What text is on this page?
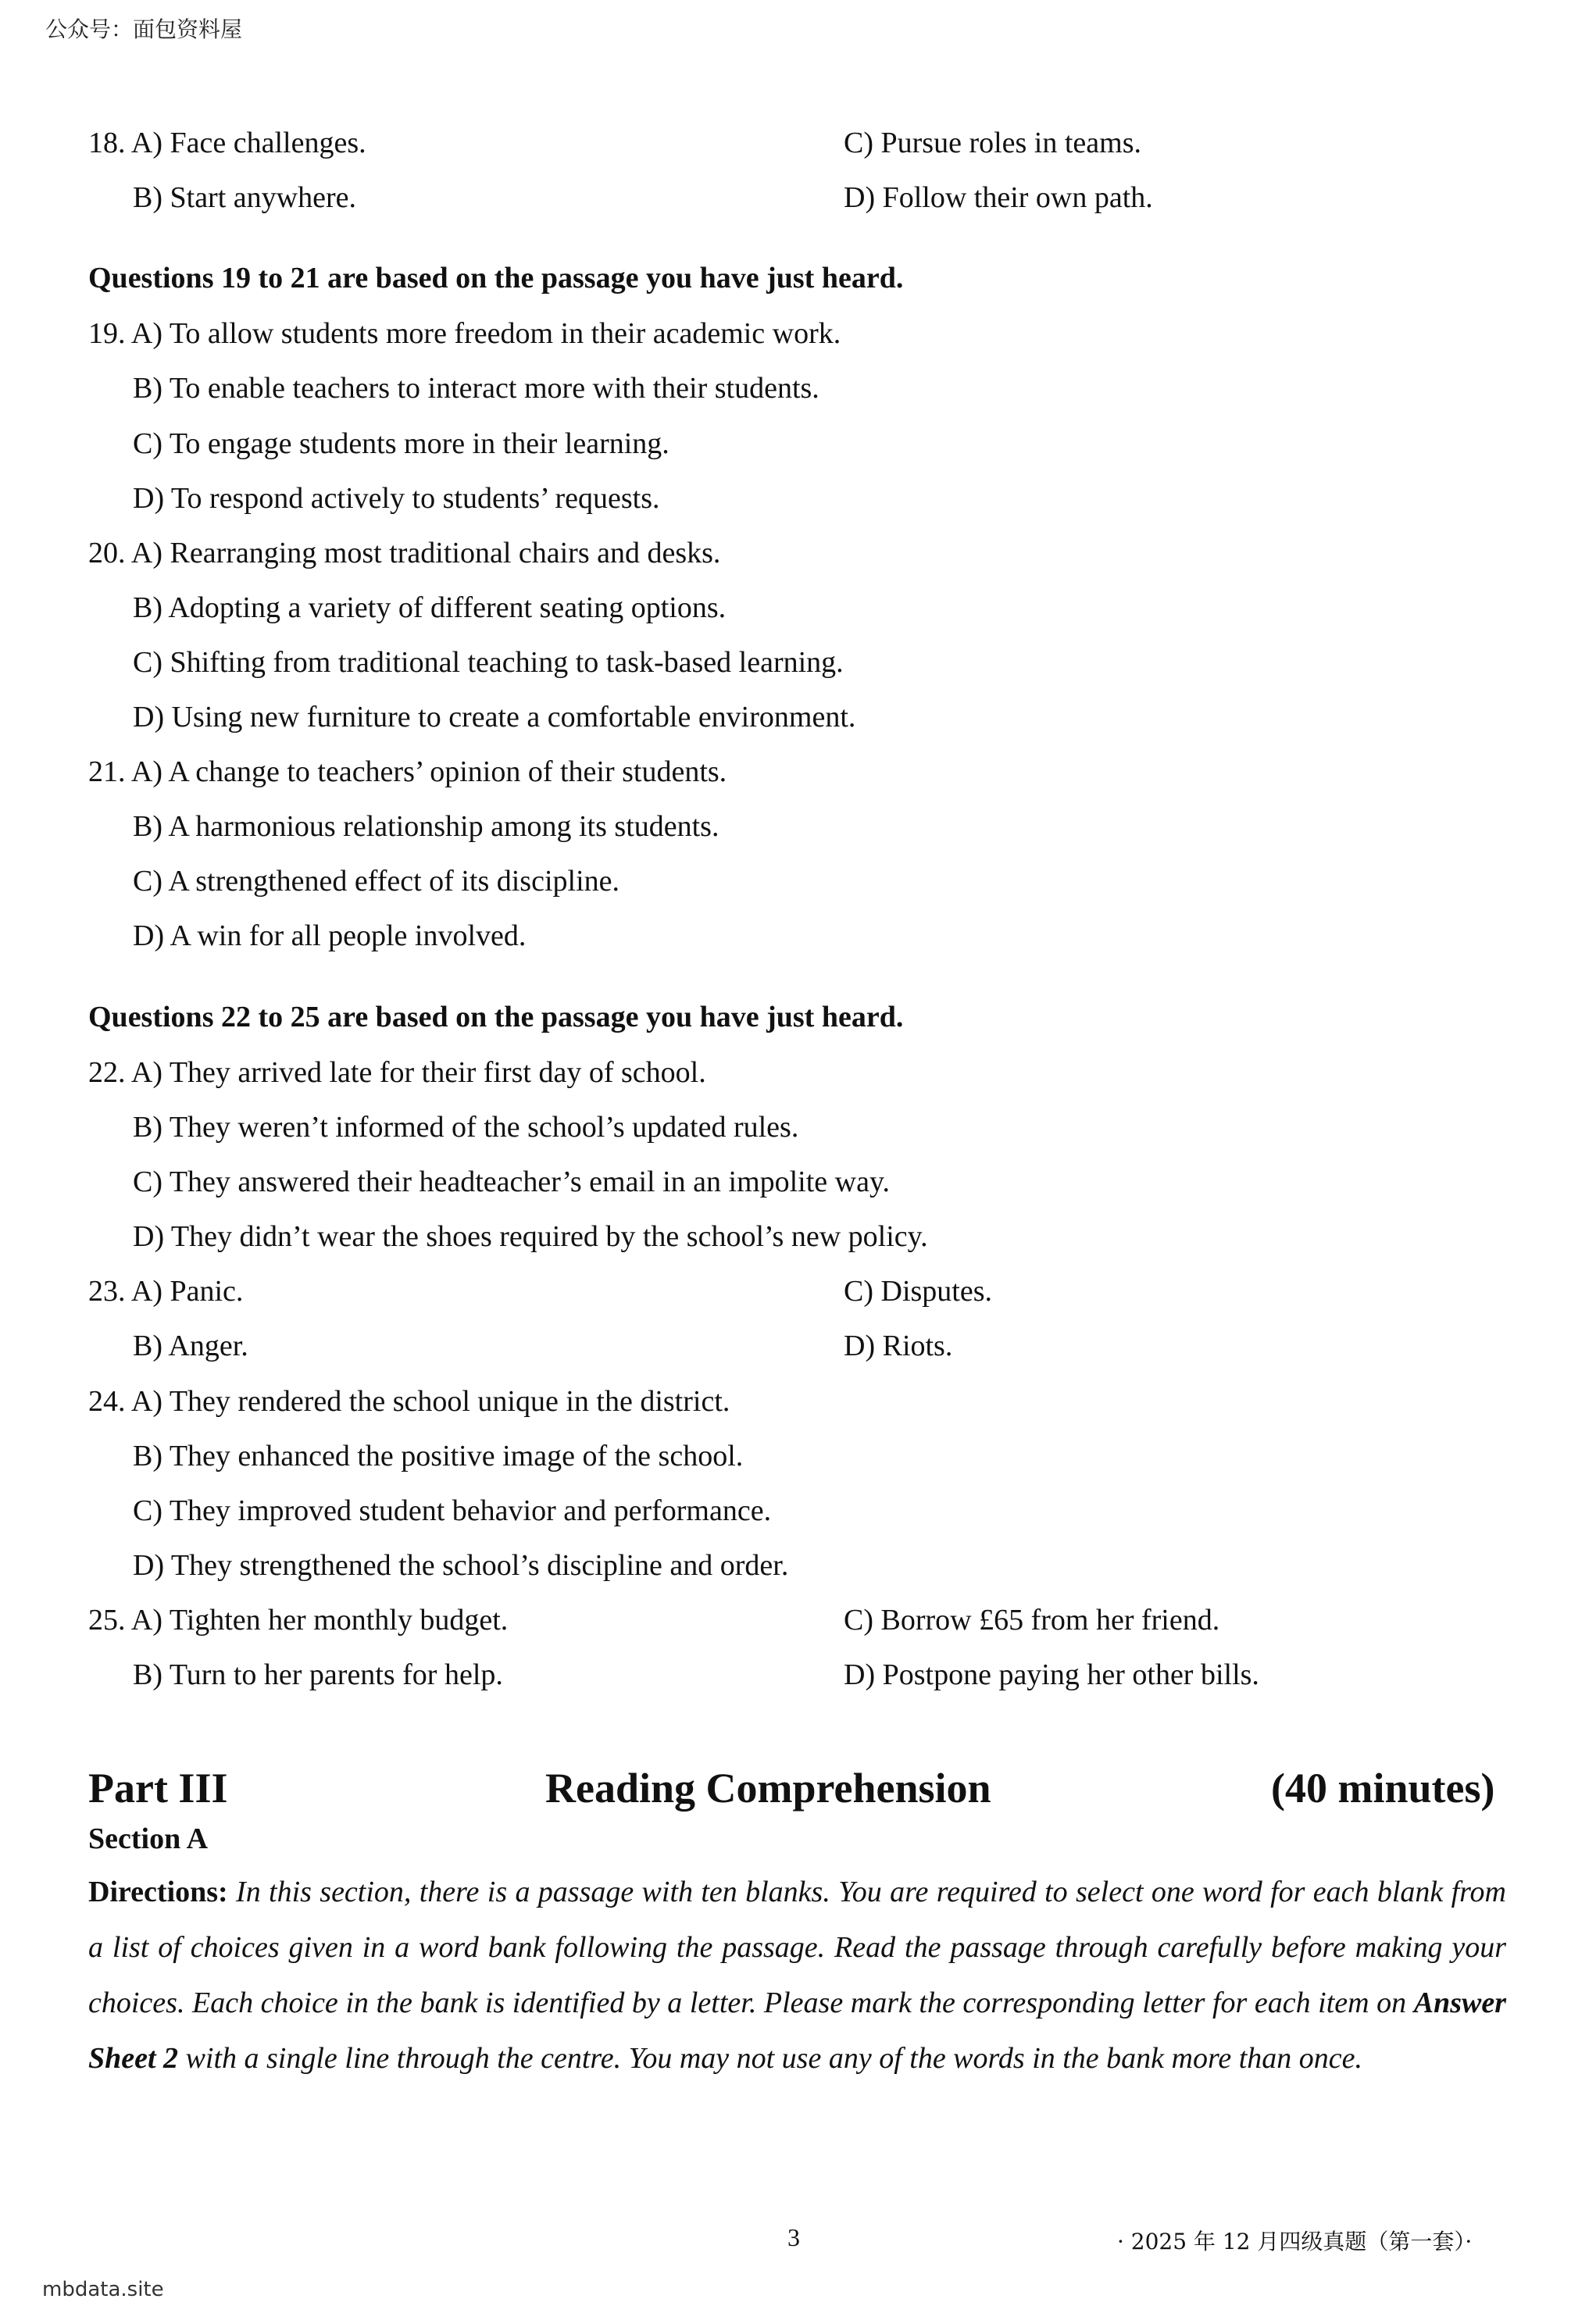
公众号：面包资料屋
18. A) Face challenges.	C) Pursue roles in teams.
B) Start anywhere.	D) Follow their own path.
Questions 19 to 21 are based on the passage you have just heard.
19. A) To allow students more freedom in their academic work.
B) To enable teachers to interact more with their students.
C) To engage students more in their learning.
D) To respond actively to students’ requests.
20. A) Rearranging most traditional chairs and desks.
B) Adopting a variety of different seating options.
C) Shifting from traditional teaching to task-based learning.
D) Using new furniture to create a comfortable environment.
21. A) A change to teachers’ opinion of their students.
B) A harmonious relationship among its students.
C) A strengthened effect of its discipline.
D) A win for all people involved.
Questions 22 to 25 are based on the passage you have just heard.
22. A) They arrived late for their first day of school.
B) They weren’t informed of the school’s updated rules.
C) They answered their headteacher’s email in an impolite way.
D) They didn’t wear the shoes required by the school’s new policy.
23. A) Panic.	C) Disputes.
B) Anger.	D) Riots.
24. A) They rendered the school unique in the district.
B) They enhanced the positive image of the school.
C) They improved student behavior and performance.
D) They strengthened the school’s discipline and order.
25. A) Tighten her monthly budget.	C) Borrow £65 from her friend.
B) Turn to her parents for help.	D) Postpone paying her other bills.
Part III	Reading Comprehension	(40 minutes)
Section A
Directions: In this section, there is a passage with ten blanks. You are required to select one word for each blank from a list of choices given in a word bank following the passage. Read the passage through carefully before making your choices. Each choice in the bank is identified by a letter. Please mark the corresponding letter for each item on Answer Sheet 2 with a single line through the centre. You may not use any of the words in the bank more than once.
3	· 2025 年 12 月四级真题（第一套）·
mbdata.site
